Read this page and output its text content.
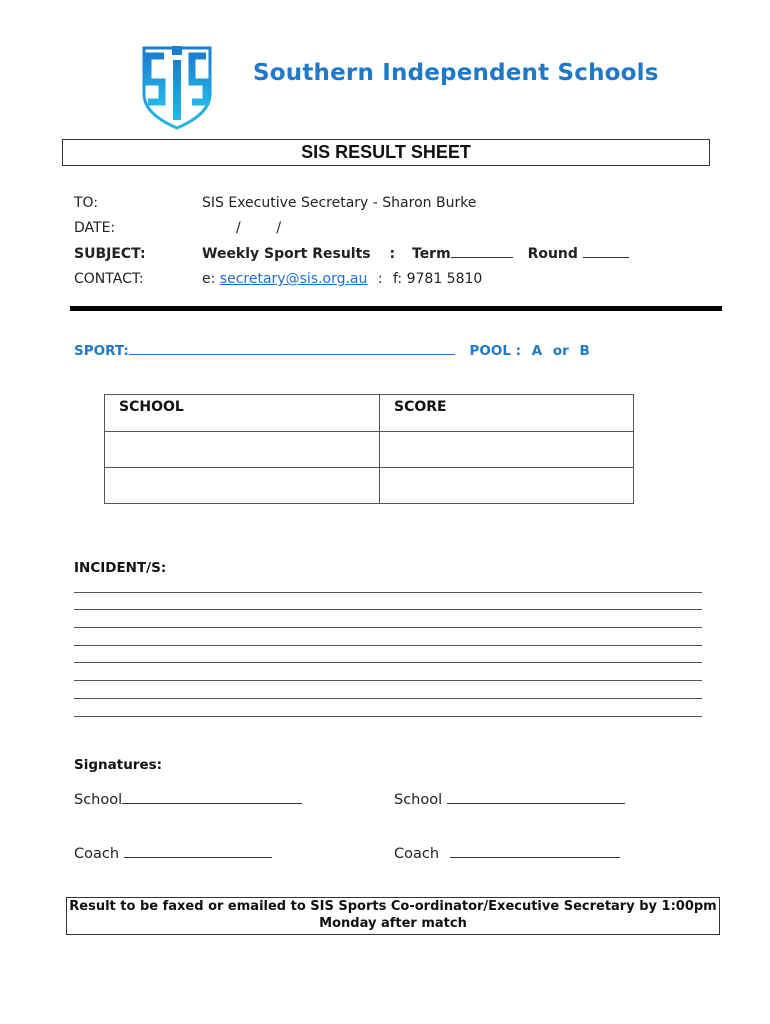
Southern Independent Schools
SIS RESULT SHEET
TO:	SIS Executive Secretary - Sharon Burke
DATE:	/        /
SUBJECT:	Weekly Sport Results : Term	Round
CONTACT:	e: secretary@sis.org.au : f: 9781 5810
SPORT:	POOL : A or B
SCHOOL	SCORE

INCIDENT/S:
Signatures:
School	School
Coach	Coach
Result to be faxed or emailed to SIS Sports Co-ordinator/Executive Secretary by 1:00pm
Monday after match
